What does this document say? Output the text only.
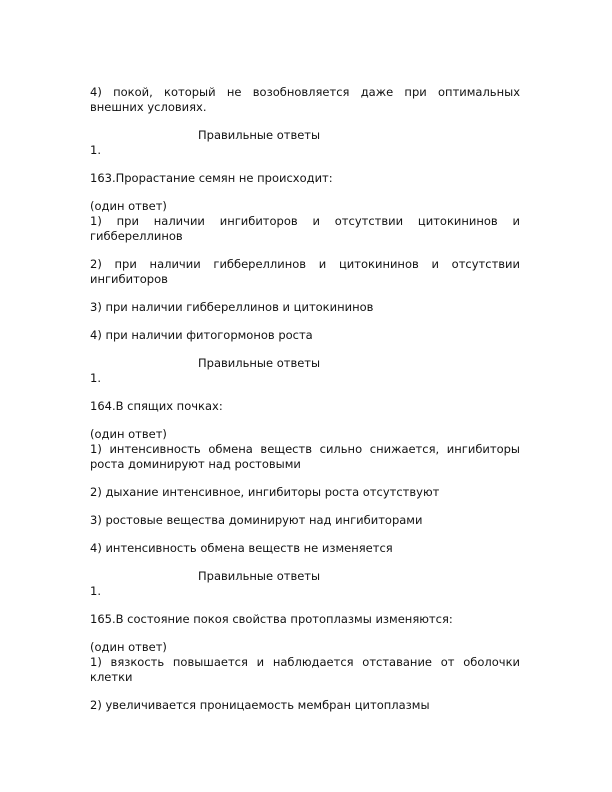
4) покой, который не возобновляется даже при оптимальных внешних условиях.

Правильные ответы

1.

163.Прорастание семян не происходит:

(один ответ)

1) при наличии ингибиторов и отсутствии цитокининов и гиббереллинов

2) при наличии гиббереллинов и цитокининов и отсутствии ингибиторов

3) при наличии гиббереллинов и цитокининов

4) при наличии фитогормонов роста

Правильные ответы

1.

164.В спящих почках:

(один ответ)

1) интенсивность обмена веществ сильно снижается, ингибиторы роста доминируют над ростовыми

2) дыхание интенсивное, ингибиторы роста отсутствуют

3) ростовые вещества доминируют над ингибиторами

4) интенсивность обмена веществ не изменяется

Правильные ответы

1.

165.В состояние покоя свойства протоплазмы изменяются:

(один ответ)

1) вязкость повышается и наблюдается отставание от оболочки клетки

2) увеличивается проницаемость мембран цитоплазмы
